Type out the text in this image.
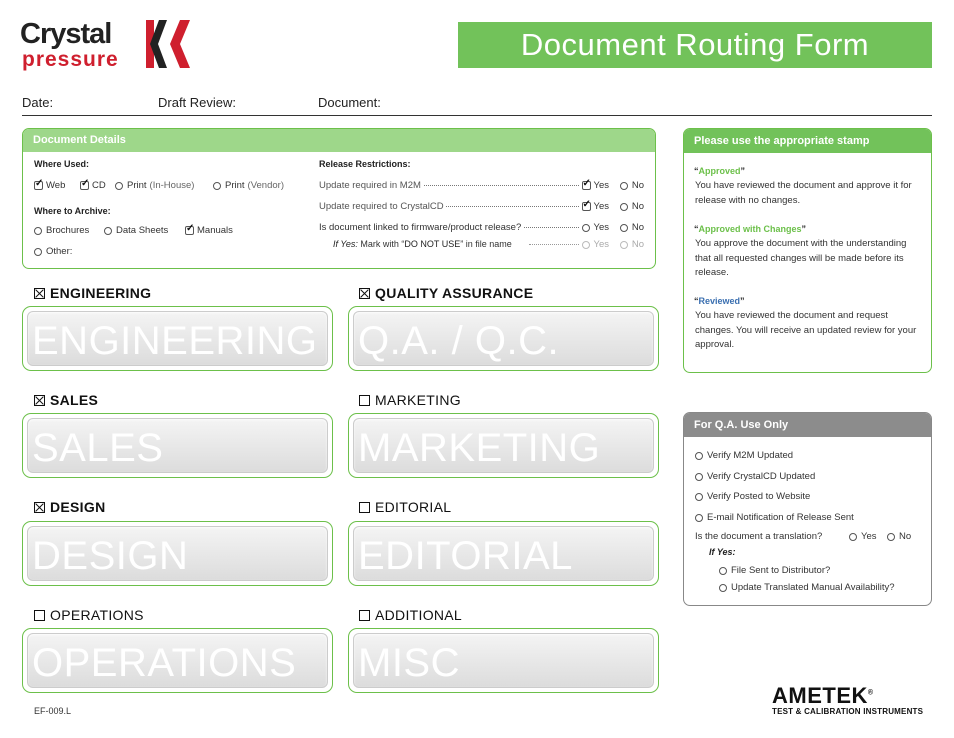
Crystal
pressure	Document Routing Form
Date:	Draft Review:	Document:
Document Details
Where Used:
✓
Web ✓	CD Print (In-House)	Print (Vendor)
Where to Archive:
Brochures	Data Sheets ✓	Manuals
Other:
Release Restrictions:
Update required in M2M ✓	Yes No
Update required to CrystalCD ✓	Yes No
Is document linked to firmware/product release?	Yes No
If Yes: Mark with “DO NOT USE” in file name	Yes No
Please use the appropriate stamp
“Approved”
You have reviewed the document and approve it for release with no changes.
“Approved with Changes”
You approve the document with the understanding that all requested changes will be made before its release.
“Reviewed”
You have reviewed the document and request changes. You will receive an updated review for your approval.
For Q.A. Use Only
Verify M2M Updated
Verify CrystalCD Updated
Verify Posted to Website
E-mail Notification of Release Sent
Is the document a translation?	Yes No
If Yes:
File Sent to Distributor?
Update Translated Manual Availability?
ENGINEERING
ENGINEERING
QUALITY ASSURANCE
Q.A. / Q.C.
SALES
SALES
MARKETING
MARKETING
DESIGN
DESIGN
EDITORIAL
EDITORIAL
OPERATIONS
OPERATIONS
ADDITIONAL
MISC
EF-009.L
AMETEK®
TEST & CALIBRATION INSTRUMENTS
